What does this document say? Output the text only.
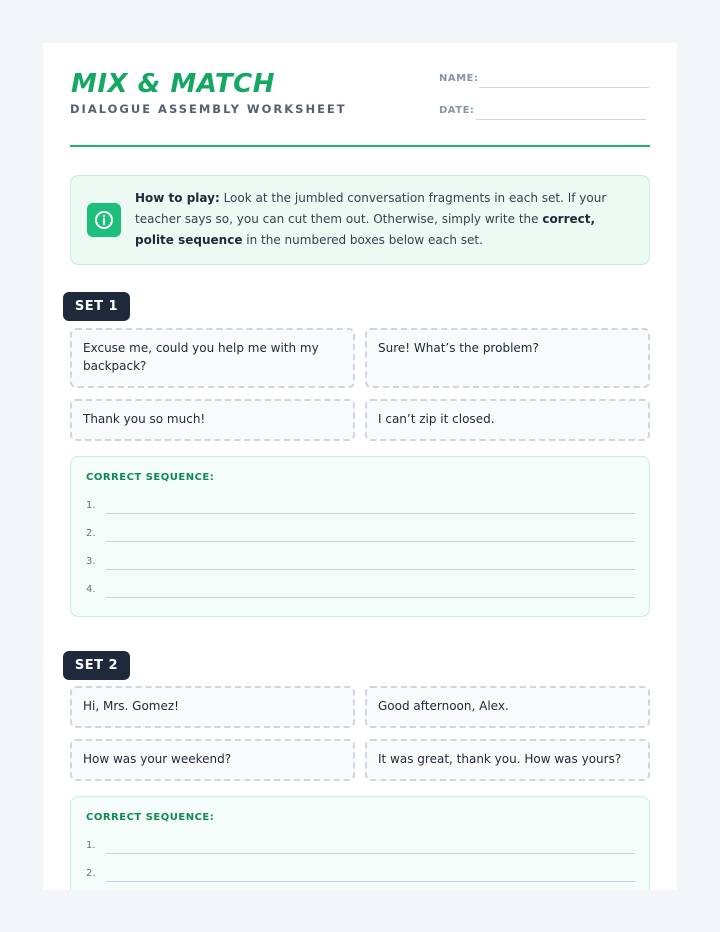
MIX & MATCH
DIALOGUE ASSEMBLY WORKSHEET
NAME:
DATE:
How to play: Look at the jumbled conversation fragments in each set. If your teacher says so, you can cut them out. Otherwise, simply write the correct, polite sequence in the numbered boxes below each set.
SET 1
Excuse me, could you help me with my backpack?
Sure! What’s the problem?
Thank you so much!	I can’t zip it closed.
CORRECT SEQUENCE:
1.
2.
3.
4.
SET 2
Hi, Mrs. Gomez!	Good afternoon, Alex.
How was your weekend?	It was great, thank you. How was yours?
CORRECT SEQUENCE:
1.
2.
